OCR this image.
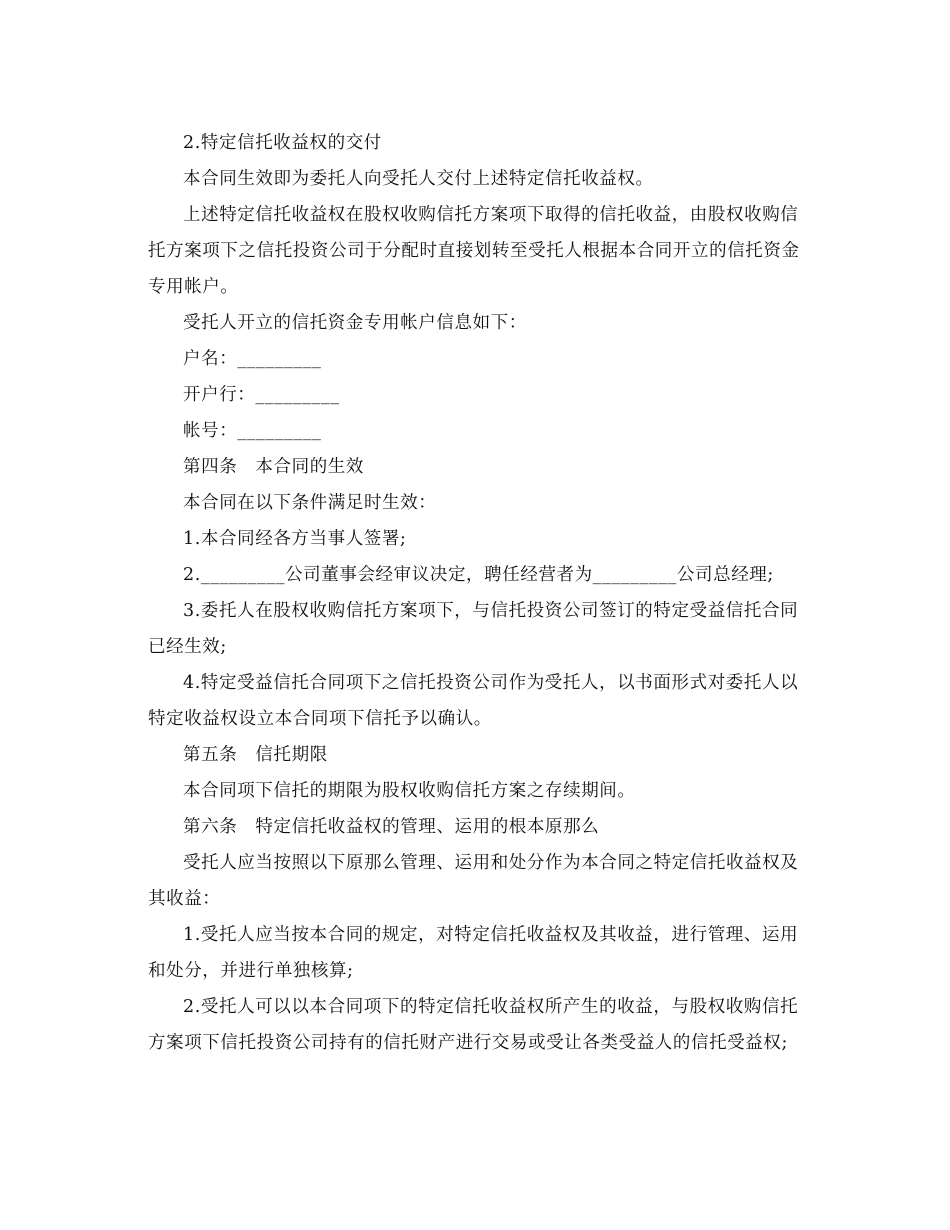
2.特定信托收益权的交付

本合同生效即为委托人向受托人交付上述特定信托收益权。

上述特定信托收益权在股权收购信托方案项下取得的信托收益，由股权收购信托方案项下之信托投资公司于分配时直接划转至受托人根据本合同开立的信托资金专用帐户。

受托人开立的信托资金专用帐户信息如下：

户名：_________

开户行：_________

帐号：_________

第四条　本合同的生效

本合同在以下条件满足时生效：

1.本合同经各方当事人签署;

2._________公司董事会经审议决定，聘任经营者为_________公司总经理;

3.委托人在股权收购信托方案项下，与信托投资公司签订的特定受益信托合同已经生效;

4.特定受益信托合同项下之信托投资公司作为受托人，以书面形式对委托人以特定收益权设立本合同项下信托予以确认。

第五条　信托期限

本合同项下信托的期限为股权收购信托方案之存续期间。

第六条　特定信托收益权的管理、运用的根本原那么

受托人应当按照以下原那么管理、运用和处分作为本合同之特定信托收益权及其收益：

1.受托人应当按本合同的规定，对特定信托收益权及其收益，进行管理、运用和处分，并进行单独核算;

2.受托人可以以本合同项下的特定信托收益权所产生的收益，与股权收购信托方案项下信托投资公司持有的信托财产进行交易或受让各类受益人的信托受益权;
